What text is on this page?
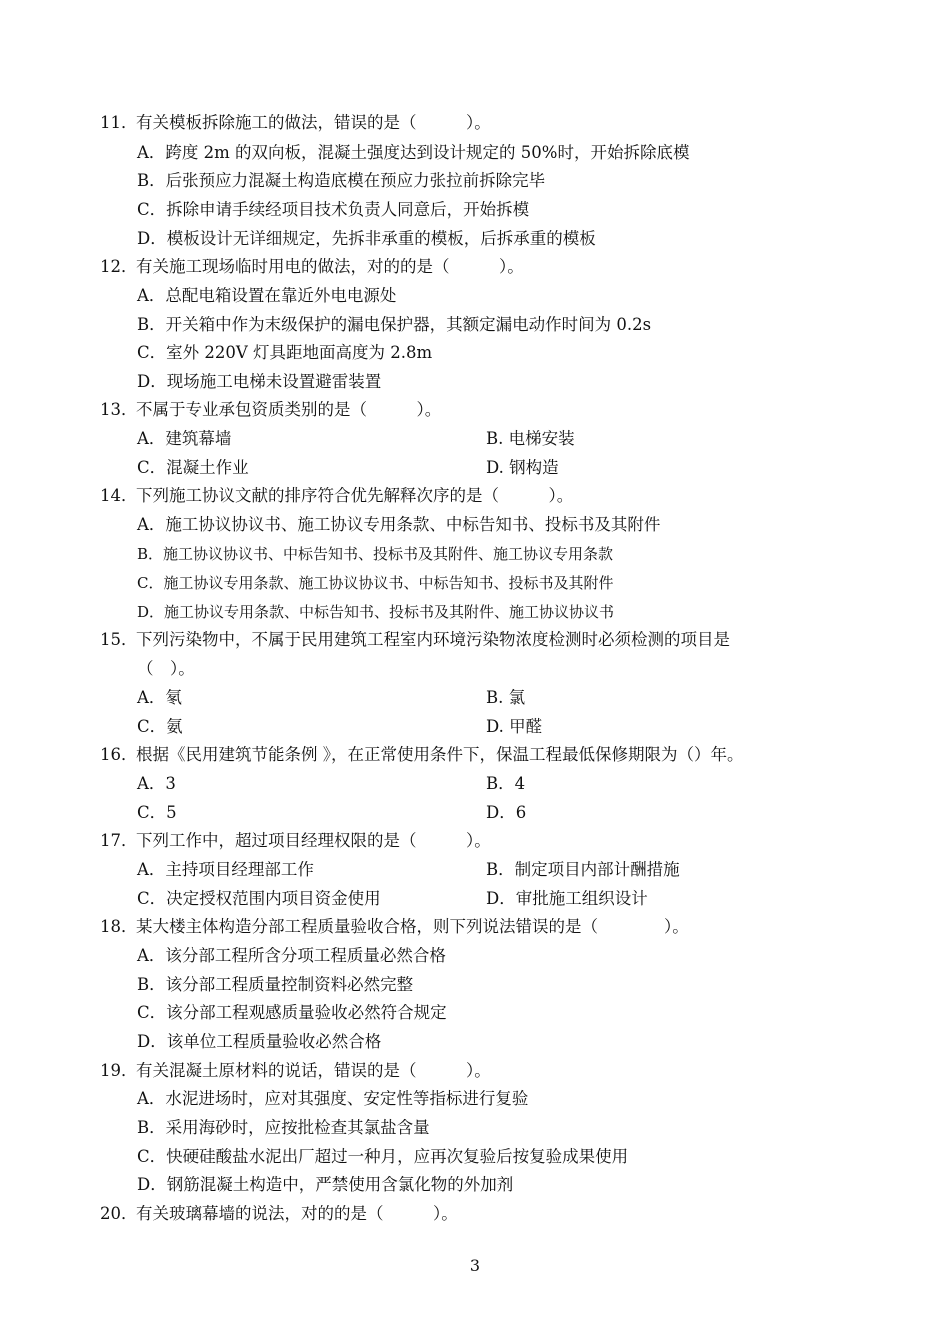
11．有关模板拆除施工的做法，错误的是（　　　）。
A．跨度 2m 的双向板，混凝土强度达到设计规定的 50%时，开始拆除底模
B．后张预应力混凝土构造底模在预应力张拉前拆除完毕
C．拆除申请手续经项目技术负责人同意后，开始拆模
D．模板设计无详细规定，先拆非承重的模板，后拆承重的模板
12．有关施工现场临时用电的做法，对的的是（　　　）。
A．总配电箱设置在靠近外电电源处
B．开关箱中作为末级保护的漏电保护器，其额定漏电动作时间为 0.2s
C．室外 220V 灯具距地面高度为 2.8m
D．现场施工电梯未设置避雷装置
13．不属于专业承包资质类别的是（　　　）。
A．建筑幕墙	B. 电梯安装
C．混凝土作业	D. 钢构造
14．下列施工协议文献的排序符合优先解释次序的是（　　　）。
A．施工协议协议书、施工协议专用条款、中标告知书、投标书及其附件
B．施工协议协议书、中标告知书、投标书及其附件、施工协议专用条款
C．施工协议专用条款、施工协议协议书、中标告知书、投标书及其附件
D．施工协议专用条款、中标告知书、投标书及其附件、施工协议协议书
15．下列污染物中，不属于民用建筑工程室内环境污染物浓度检测时必须检测的项目是
（　）。
A．氡	B. 氯
C．氨	D. 甲醛
16．根据《民用建筑节能条例 》，在正常使用条件下，保温工程最低保修期限为（）年。
A．3	B．4
C．5	D．6
17．下列工作中，超过项目经理权限的是（　　　）。
A．主持项目经理部工作	B．制定项目内部计酬措施
C．决定授权范围内项目资金使用	D．审批施工组织设计
18．某大楼主体构造分部工程质量验收合格，则下列说法错误的是（　　　　）。
A．该分部工程所含分项工程质量必然合格
B．该分部工程质量控制资料必然完整
C．该分部工程观感质量验收必然符合规定
D．该单位工程质量验收必然合格
19．有关混凝土原材料的说话，错误的是（　　　）。
A．水泥进场时，应对其强度、安定性等指标进行复验
B．采用海砂时，应按批检查其氯盐含量
C．快硬硅酸盐水泥出厂超过一种月，应再次复验后按复验成果使用
D．钢筋混凝土构造中，严禁使用含氯化物的外加剂
20．有关玻璃幕墙的说法，对的的是（　　　）。
3
